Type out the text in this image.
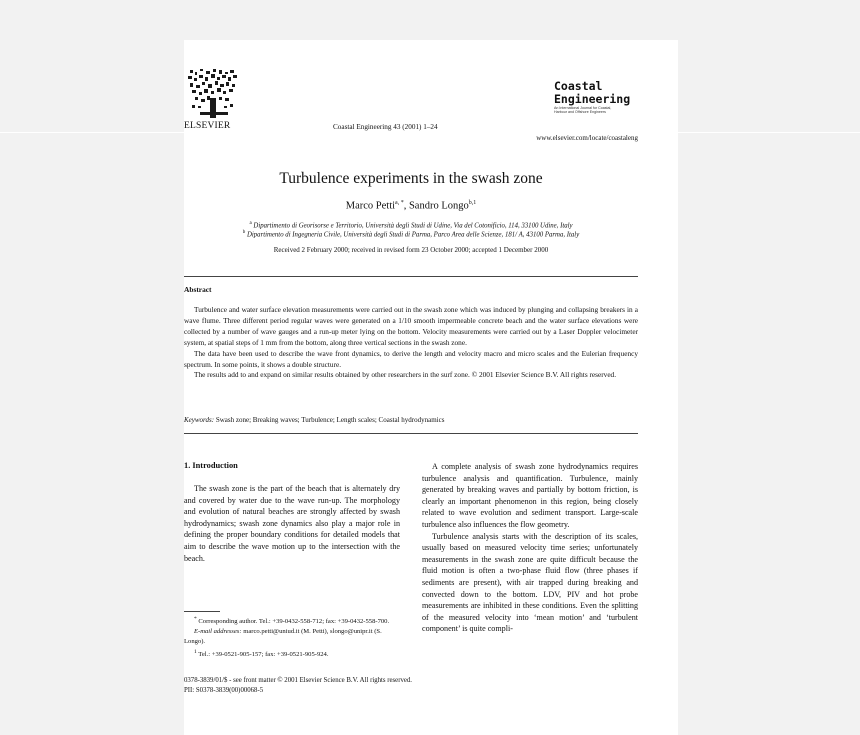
ELSEVIER	Coastal Engineering 43 (2001) 1–24
Coastal
Engineering
An International Journal for Coastal,
Harbour and Offshore Engineers
www.elsevier.com/locate/coastaleng
Turbulence experiments in the swash zone
Marco Petti$^{a, *}$, Sandro Longo$^{b,1}$
$^a$ Dipartimento di Georisorse e Territorio, Università degli Studi di Udine, Via del Cotonificio, 114, 33100 Udine, Italy
$^b$ Dipartimento di Ingegneria Civile, Università degli Studi di Parma, Parco Area delle Scienze, 181/ A, 43100 Parma, Italy
Received 2 February 2000; received in revised form 23 October 2000; accepted 1 December 2000
Abstract

Turbulence and water surface elevation measurements were carried out in the swash zone which was induced by plunging and collapsing breakers in a wave flume. Three different period regular waves were generated on a 1/10 smooth impermeable concrete beach and the water surface elevations were collected by a number of wave gauges and a run-up meter lying on the bottom. Velocity measurements were carried out by a Laser Doppler velocimeter system, at spatial steps of 1 mm from the bottom, along three vertical sections in the swash zone.

The data have been used to describe the wave front dynamics, to derive the length and velocity macro and micro scales and the Eulerian frequency spectrum. In some points, it shows a double structure.

The results add to and expand on similar results obtained by other researchers in the surf zone. © 2001 Elsevier Science B.V. All rights reserved.

Keywords: Swash zone; Breaking waves; Turbulence; Length scales; Coastal hydrodynamics
1. Introduction

The swash zone is the part of the beach that is alternately dry and covered by water due to the wave run-up. The morphology and evolution of natural beaches are strongly affected by swash hydrodynamics; swash zone dynamics also play a major role in defining the proper boundary conditions for detailed models that aim to describe the wave motion up to the intersection with the beach.

* Corresponding author. Tel.: +39-0432-558-712; fax: +39-0432-558-700.
E-mail addresses: marco.petti@uniud.it (M. Petti), slongo@unipr.it (S. Longo).
$^1$ Tel.: +39-0521-905-157; fax: +39-0521-905-924.

A complete analysis of swash zone hydrodynamics requires turbulence analysis and quantification. Turbulence, mainly generated by breaking waves and partially by bottom friction, is clearly an important phenomenon in this region, being closely related to wave evolution and sediment transport. Large-scale turbulence also influences the flow geometry.

Turbulence analysis starts with the description of its scales, usually based on measured velocity time series; unfortunately measurements in the swash zone are quite difficult because the fluid motion is often a two-phase fluid flow (three phases if sediments are present), with air trapped during breaking and convected down to the bottom. LDV, PIV and hot probe measurements are inhibited in these conditions. Even the splitting of the measured velocity into ‘mean motion’ and ‘turbulent component’ is quite compli-

0378-3839/01/$ - see front matter © 2001 Elsevier Science B.V. All rights reserved.
PII: S0378-3839(00)00068-5
